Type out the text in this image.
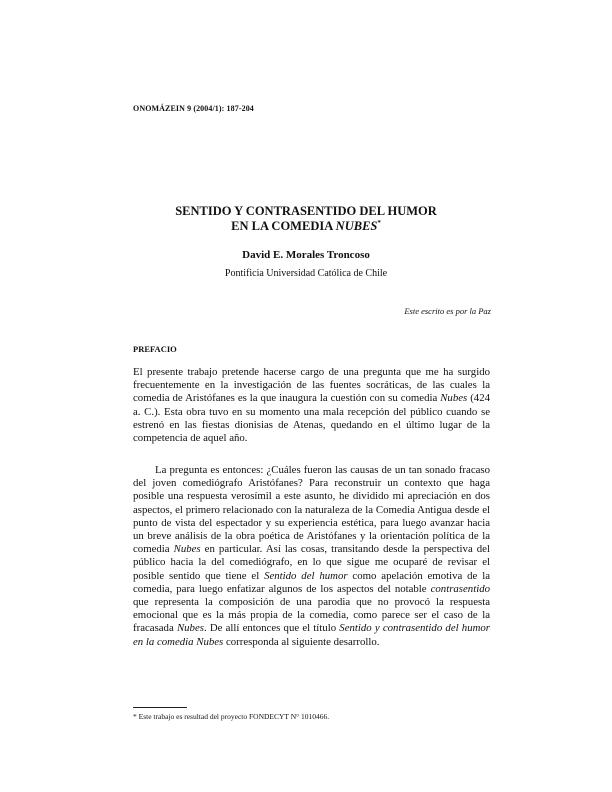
ONOMÁZEIN 9 (2004/1): 187-204
SENTIDO Y CONTRASENTIDO DEL HUMOR
EN LA COMEDIA NUBES*
David E. Morales Troncoso
Pontificia Universidad Católica de Chile
Este escrito es por la Paz
PREFACIO
El presente trabajo pretende hacerse cargo de una pregunta que me ha surgido frecuentemente en la investigación de las fuentes socráticas, de las cuales la comedia de Aristófanes es la que inaugura la cuestión con su comedia Nubes (424 a. C.). Esta obra tuvo en su momento una mala recepción del público cuando se estrenó en las fiestas dionisias de Atenas, quedando en el último lugar de la competencia de aquel año.
La pregunta es entonces: ¿Cuáles fueron las causas de un tan sonado fracaso del joven comediógrafo Aristófanes? Para reconstruir un contexto que haga posible una respuesta verosímil a este asunto, he dividido mi apreciación en dos aspectos, el primero relacionado con la naturaleza de la Comedia Antigua desde el punto de vista del espectador y su experiencia estética, para luego avanzar hacia un breve análisis de la obra poética de Aristófanes y la orientación política de la comedia Nubes en particular. Así las cosas, transitando desde la perspectiva del público hacia la del comediógrafo, en lo que sigue me ocuparé de revisar el posible sentido que tiene el Sentido del humor como apelación emotiva de la comedia, para luego enfatizar algunos de los aspectos del notable contrasentido que representa la composición de una parodia que no provocó la respuesta emocional que es la más propia de la comedia, como parece ser el caso de la fracasada Nubes. De allí entonces que el título Sentido y contrasentido del humor en la comedia Nubes corresponda al siguiente desarrollo.
* Este trabajo es resultad del proyecto FONDECYT N° 1010466.
